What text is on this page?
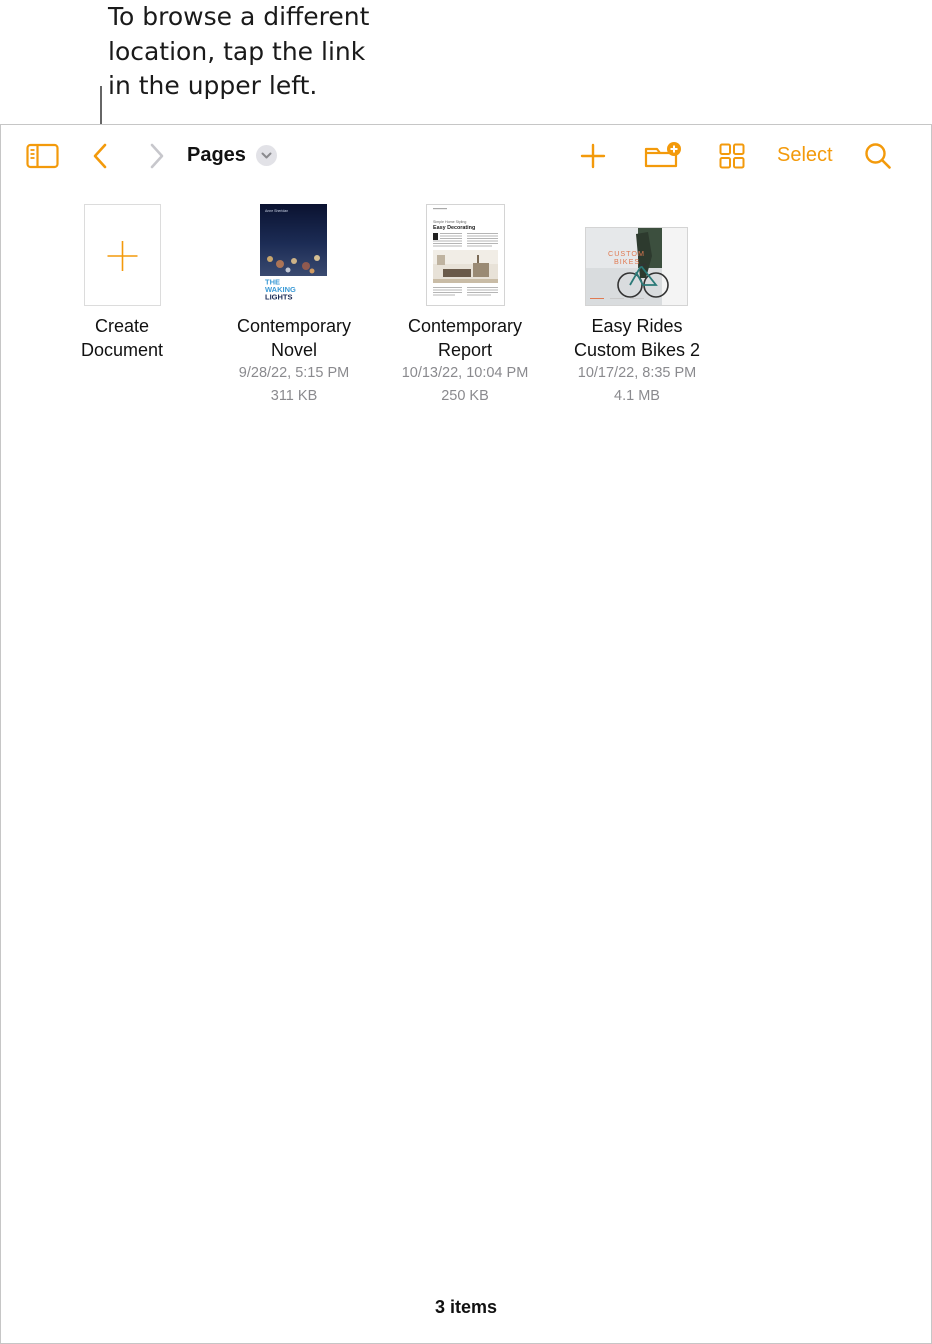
To browse a different
location, tap the link
in the upper left.
Pages	Select
Create
Document
Anne Sheridan
THE
WAKING
LIGHTS
Contemporary
Novel
9/28/22, 5:15 PM
311 KB
Simple Home Styling
Easy Decorating
Contemporary
Report
10/13/22, 10:04 PM
250 KB
CUSTOM
BIKES
Easy Rides
Custom Bikes 2
10/17/22, 8:35 PM
4.1 MB
3 items
